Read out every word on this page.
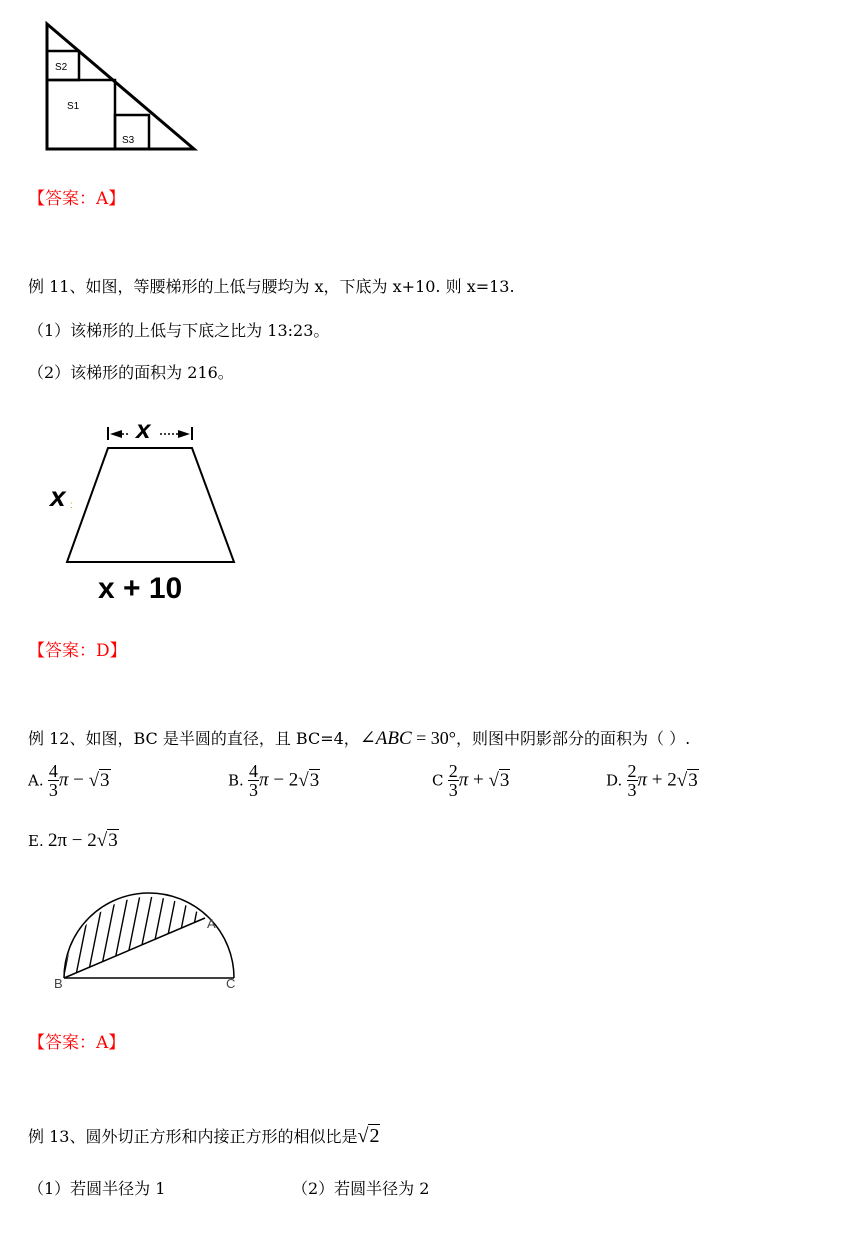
S2
S1
S3
【答案：A】
例 11、如图，等腰梯形的上低与腰均为 x，下底为 x+10. 则 x=13.
（1）该梯形的上低与下底之比为 13:23。
（2）该梯形的面积为 216。
x
x :
x + 10
【答案：D】
例 12、如图，BC 是半圆的直径，且 BC=4，∠ABC = 30°，则图中阴影部分的面积为（ ）.
A. $\frac{4}{3}$ π − √3	B. $\frac{4}{3}$ π − 2√3	C $\frac{2}{3}$ π + √3	D. $\frac{2}{3}$ π + 2√3
E. 2π − 2√3
A
B	C
【答案：A】
例 13、圆外切正方形和内接正方形的相似比是√2
（1）若圆半径为 1	（2）若圆半径为 2
